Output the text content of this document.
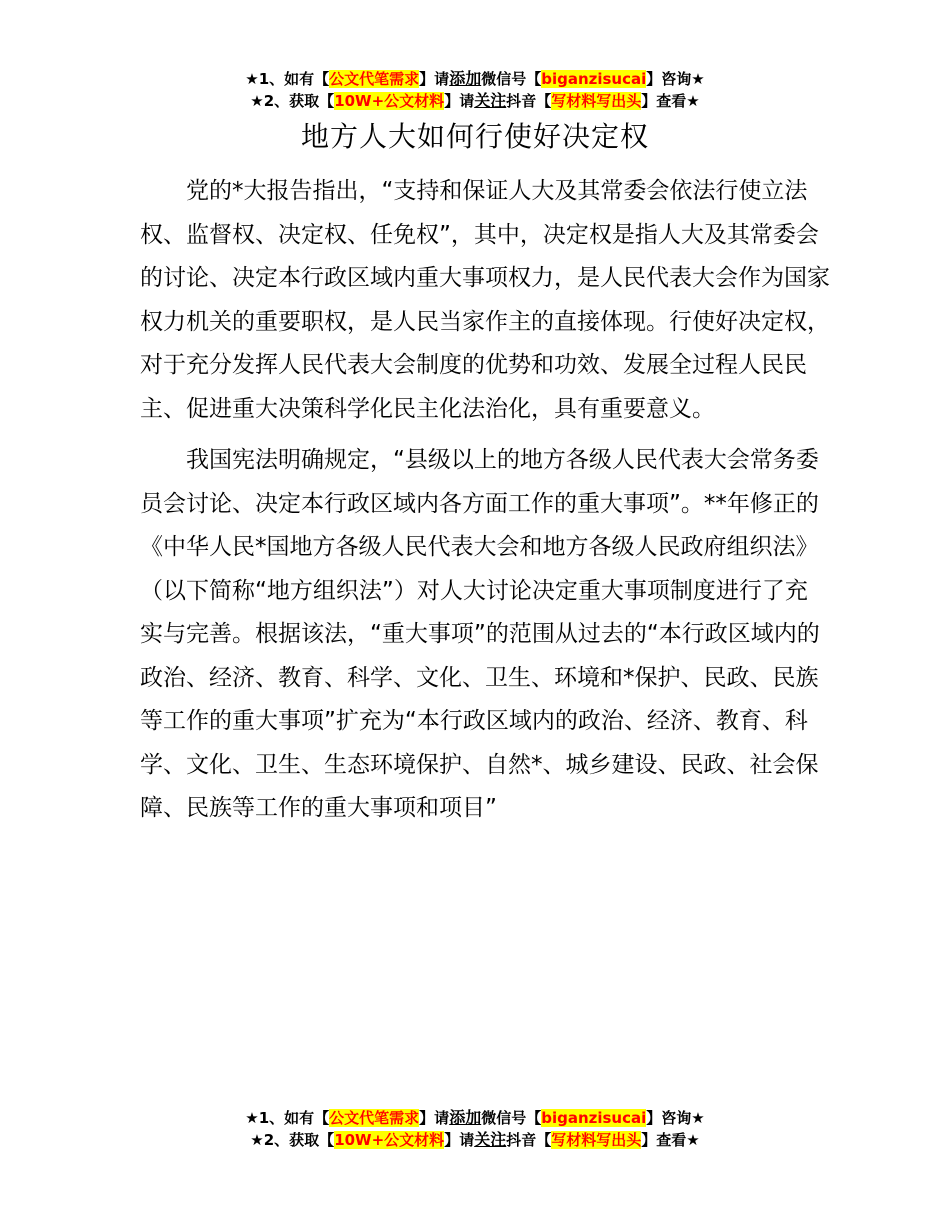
★1、如有【公文代笔需求】请添加微信号【biganzisucai】咨询★
★2、获取【10W+公文材料】请关注抖音【写材料写出头】查看★
地方人大如何行使好决定权

党的*大报告指出，“支持和保证人大及其常委会依法行使立法权、监督权、决定权、任免权”，其中，决定权是指人大及其常委会的讨论、决定本行政区域内重大事项权力，是人民代表大会作为国家权力机关的重要职权，是人民当家作主的直接体现。行使好决定权，对于充分发挥人民代表大会制度的优势和功效、发展全过程人民民主、促进重大决策科学化民主化法治化，具有重要意义。

我国宪法明确规定，“县级以上的地方各级人民代表大会常务委员会讨论、决定本行政区域内各方面工作的重大事项”。**年修正的《中华人民*国地方各级人民代表大会和地方各级人民政府组织法》（以下简称“地方组织法”）对人大讨论决定重大事项制度进行了充实与完善。根据该法，“重大事项”的范围从过去的“本行政区域内的政治、经济、教育、科学、文化、卫生、环境和*保护、民政、民族等工作的重大事项”扩充为“本行政区域内的政治、经济、教育、科学、文化、卫生、生态环境保护、自然*、城乡建设、民政、社会保障、民族等工作的重大事项和项目”

★1、如有【公文代笔需求】请添加微信号【biganzisucai】咨询★
★2、获取【10W+公文材料】请关注抖音【写材料写出头】查看★
